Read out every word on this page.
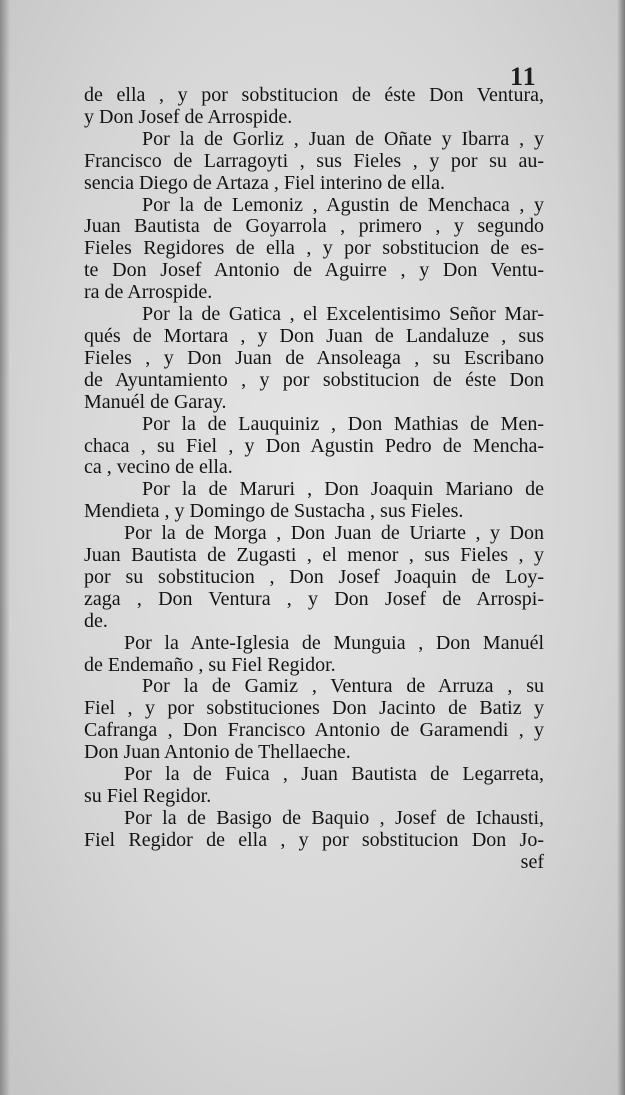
11
de ella , y por sobstitucion de éste Don Ventura,
y Don Josef de Arrospide.
Por la de Gorliz , Juan de Oñate y Ibarra , y
Francisco de Larragoyti , sus Fieles , y por su au-
sencia Diego de Artaza , Fiel interino de ella.
Por la de Lemoniz , Agustin de Menchaca , y
Juan Bautista de Goyarrola , primero , y segundo
Fieles Regidores de ella , y por sobstitucion de es-
te Don Josef Antonio de Aguirre , y Don Ventu-
ra de Arrospide.
Por la de Gatica , el Excelentisimo Señor Mar-
qués de Mortara , y Don Juan de Landaluze , sus
Fieles , y Don Juan de Ansoleaga , su Escribano
de Ayuntamiento , y por sobstitucion de éste Don
Manuél de Garay.
Por la de Lauquiniz , Don Mathias de Men-
chaca , su Fiel , y Don Agustin Pedro de Mencha-
ca , vecino de ella.
Por la de Maruri , Don Joaquin Mariano de
Mendieta , y Domingo de Sustacha , sus Fieles.
Por la de Morga , Don Juan de Uriarte , y Don
Juan Bautista de Zugasti , el menor , sus Fieles , y
por su sobstitucion , Don Josef Joaquin de Loy-
zaga , Don Ventura , y Don Josef de Arrospi-
de.
Por la Ante-Iglesia de Munguia , Don Manuél
de Endemaño , su Fiel Regidor.
Por la de Gamiz , Ventura de Arruza , su
Fiel , y por sobstituciones Don Jacinto de Batiz y
Cafranga , Don Francisco Antonio de Garamendi , y
Don Juan Antonio de Thellaeche.
Por la de Fuica , Juan Bautista de Legarreta,
su Fiel Regidor.
Por la de Basigo de Baquio , Josef de Ichausti,
Fiel Regidor de ella , y por sobstitucion Don Jo-
sef
